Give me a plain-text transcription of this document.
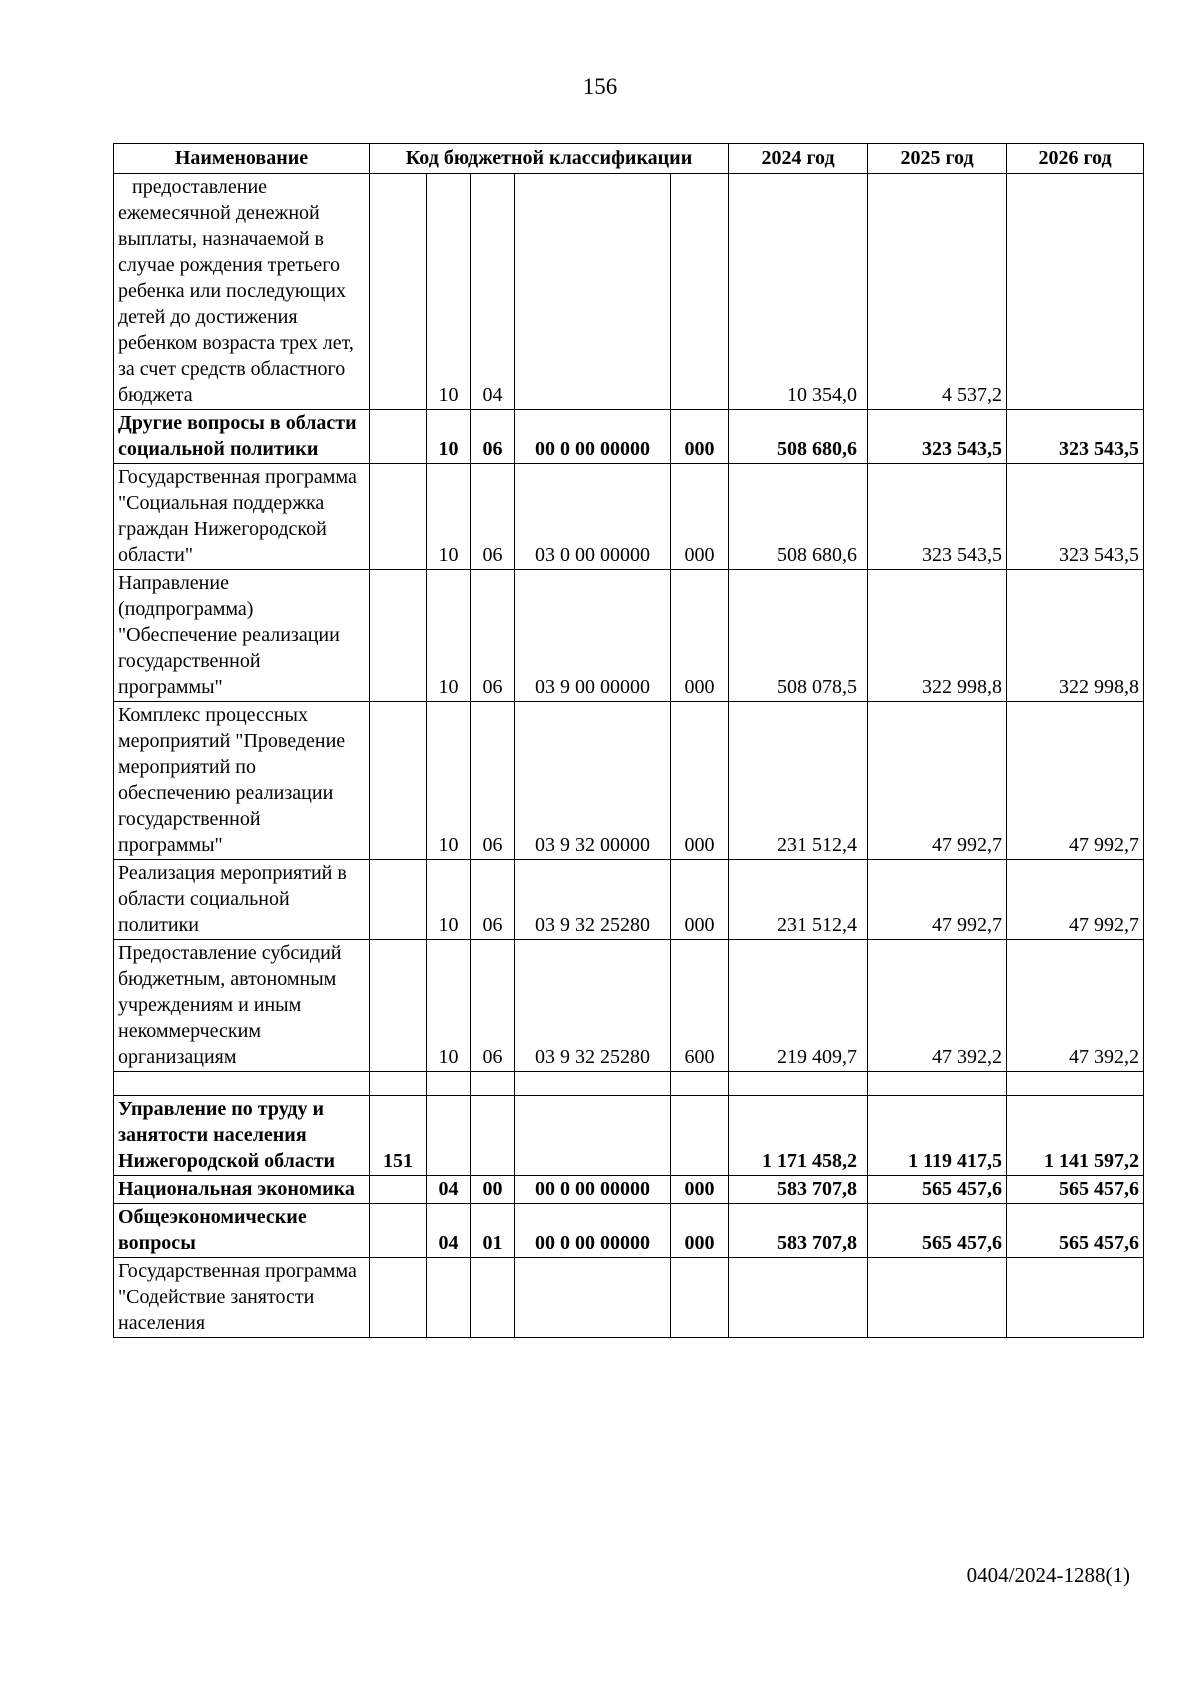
156
Наименование	Код бюджетной классификации					2024 год	2025 год	2026 год
предоставление ежемесячной денежной выплаты, назначаемой в случае рождения третьего ребенка или последующих детей до достижения ребенком возраста трех лет, за счет средств областного бюджета		10	04			10 354,0	4 537,2	
Другие вопросы в области социальной политики		10	06	00 0 00 00000	000	508 680,6	323 543,5	323 543,5
Государственная программа "Социальная поддержка граждан Нижегородской области"		10	06	03 0 00 00000	000	508 680,6	323 543,5	323 543,5
Направление (подпрограмма) "Обеспечение реализации государственной программы"		10	06	03 9 00 00000	000	508 078,5	322 998,8	322 998,8
Комплекс процессных мероприятий "Проведение мероприятий по обеспечению реализации государственной программы"		10	06	03 9 32 00000	000	231 512,4	47 992,7	47 992,7
Реализация мероприятий в области социальной политики		10	06	03 9 32 25280	000	231 512,4	47 992,7	47 992,7
Предоставление субсидий бюджетным, автономным учреждениям и иным некоммерческим организациям		10	06	03 9 32 25280	600	219 409,7	47 392,2	47 392,2

Управление по труду и занятости населения Нижегородской области	151					1 171 458,2	1 119 417,5	1 141 597,2
Национальная экономика		04	00	00 0 00 00000	000	583 707,8	565 457,6	565 457,6
Общеэкономические вопросы		04	01	00 0 00 00000	000	583 707,8	565 457,6	565 457,6
Государственная программа "Содействие занятости населения								
0404/2024-1288(1)
